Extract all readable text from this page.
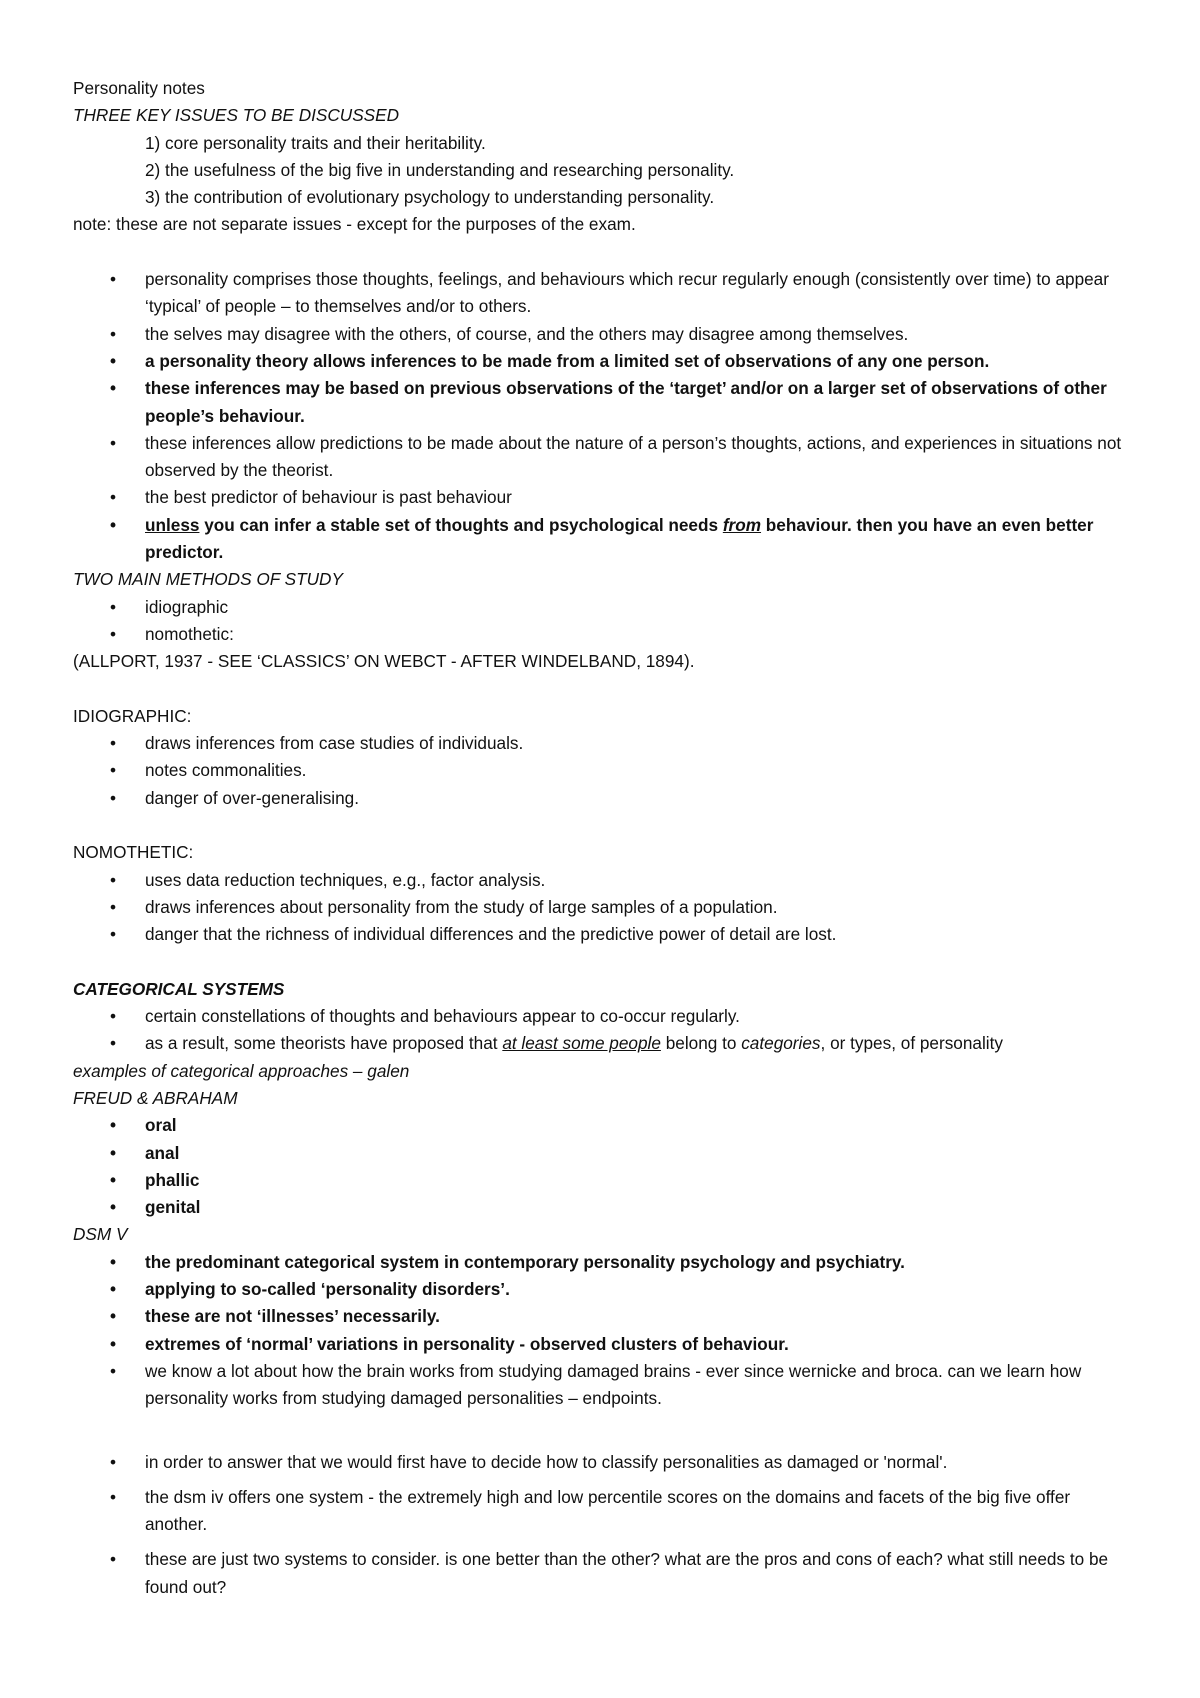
Personality notes
THREE KEY ISSUES TO BE DISCUSSED
1) core personality traits and their heritability.
2) the usefulness of the big five in understanding and researching personality.
3) the contribution of evolutionary psychology to understanding personality.
note: these are not separate issues - except for the purposes of the exam.
• personality comprises those thoughts, feelings, and behaviours which recur regularly enough (consistently over time) to appear ‘typical’ of people – to themselves and/or to others.
• the selves may disagree with the others, of course, and the others may disagree among themselves.
• a personality theory allows inferences to be made from a limited set of observations of any one person.
• these inferences may be based on previous observations of the ‘target’ and/or on a larger set of observations of other people’s behaviour.
• these inferences allow predictions to be made about the nature of a person’s thoughts, actions, and experiences in situations not observed by the theorist.
• the best predictor of behaviour is past behaviour
• unless you can infer a stable set of thoughts and psychological needs from behaviour. then you have an even better predictor.
TWO MAIN METHODS OF STUDY
• idiographic
• nomothetic:
(ALLPORT, 1937 - SEE ‘CLASSICS’ ON WEBCT - AFTER WINDELBAND, 1894).
IDIOGRAPHIC:
• draws inferences from case studies of individuals.
• notes commonalities.
• danger of over-generalising.
NOMOTHETIC:
• uses data reduction techniques, e.g., factor analysis.
• draws inferences about personality from the study of large samples of a population.
• danger that the richness of individual differences and the predictive power of detail are lost.
CATEGORICAL SYSTEMS
• certain constellations of thoughts and behaviours appear to co-occur regularly.
• as a result, some theorists have proposed that at least some people belong to categories, or types, of personality
examples of categorical approaches – galen
FREUD & ABRAHAM
• oral
• anal
• phallic
• genital
DSM V
• the predominant categorical system in contemporary personality psychology and psychiatry.
• applying to so-called ‘personality disorders’.
• these are not ‘illnesses’ necessarily.
• extremes of ‘normal’ variations in personality - observed clusters of behaviour.
• we know a lot about how the brain works from studying damaged brains - ever since wernicke and broca. can we learn how personality works from studying damaged personalities – endpoints.
• in order to answer that we would first have to decide how to classify personalities as damaged or 'normal'.
• the dsm iv offers one system - the extremely high and low percentile scores on the domains and facets of the big five offer another.
• these are just two systems to consider. is one better than the other? what are the pros and cons of each? what still needs to be found out?
